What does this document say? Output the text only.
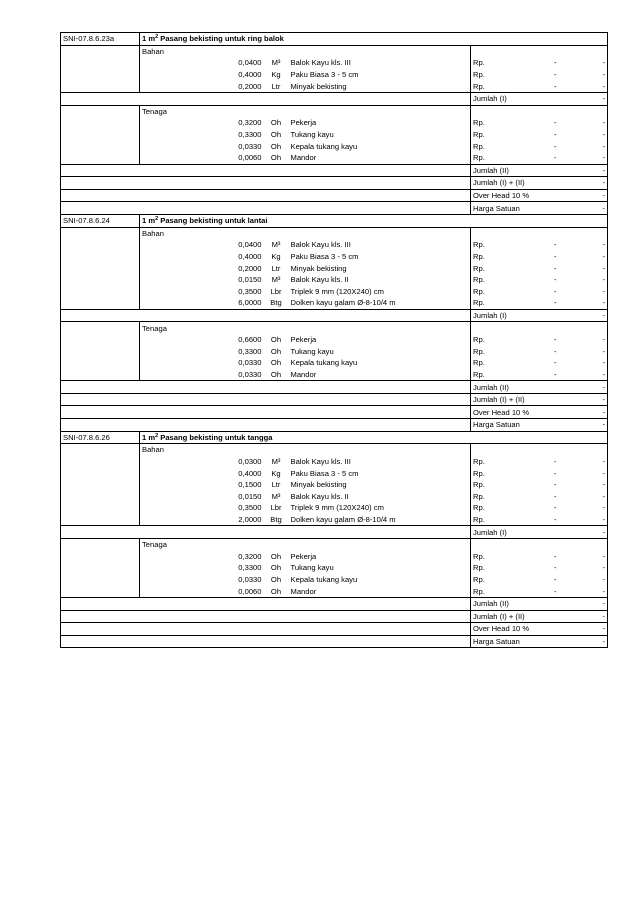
SNI-07.8.6.23a	1 $m^2$ Pasang bekisting untuk ring balok					
	Bahan					
		0,0400	M³	Balok Kayu kls. III	Rp. -	-
		0,4000	Kg	Paku Biasa 3 - 5 cm	Rp. -	-
		0,2000	Ltr	Minyak bekisting	Rp. -	-
					Jumlah (I)	-
	Tenaga					
		0,3200	Oh	Pekerja	Rp. -	-
		0,3300	Oh	Tukang kayu	Rp. -	-
		0,0330	Oh	Kepala tukang kayu	Rp. -	-
		0,0060	Oh	Mandor	Rp. -	-
					Jumlah (II)	-
					Jumlah (I) + (II)	-
					Over Head 10 %	-
					Harga Satuan	-
SNI-07.8.6.24	1 $m^2$ Pasang bekisting untuk lantai					
	Bahan					
		0,0400	M³	Balok Kayu kls. III	Rp. -	-
		0,4000	Kg	Paku Biasa 3 - 5 cm	Rp. -	-
		0,2000	Ltr	Minyak bekisting	Rp. -	-
		0,0150	M³	Balok Kayu kls. II	Rp. -	-
		0,3500	Lbr	Triplek 9 mm (120X240) cm	Rp. -	-
		6,0000	Btg	Dolken kayu galam Ø-8-10/4 m	Rp. -	-
					Jumlah (I)	-
	Tenaga					
		0,6600	Oh	Pekerja	Rp. -	-
		0,3300	Oh	Tukang kayu	Rp. -	-
		0,0330	Oh	Kepala tukang kayu	Rp. -	-
		0,0330	Oh	Mandor	Rp. -	-
					Jumlah (II)	-
					Jumlah (I) + (II)	-
					Over Head 10 %	-
					Harga Satuan	-
SNI-07.8.6.26	1 $m^2$ Pasang bekisting untuk tangga					
	Bahan					
		0,0300	M³	Balok Kayu kls. III	Rp. -	-
		0,4000	Kg	Paku Biasa 3 - 5 cm	Rp. -	-
		0,1500	Ltr	Minyak bekisting	Rp. -	-
		0,0150	M³	Balok Kayu kls. II	Rp. -	-
		0,3500	Lbr	Triplek 9 mm (120X240) cm	Rp. -	-
		2,0000	Btg	Dolken kayu galam Ø-8-10/4 m	Rp. -	-
					Jumlah (I)	-
	Tenaga					
		0,3200	Oh	Pekerja	Rp. -	-
		0,3300	Oh	Tukang kayu	Rp. -	-
		0,0330	Oh	Kepala tukang kayu	Rp. -	-
		0,0060	Oh	Mandor	Rp. -	-
					Jumlah (II)	-
					Jumlah (I) + (II)	-
					Over Head 10 %	-
					Harga Satuan	-
